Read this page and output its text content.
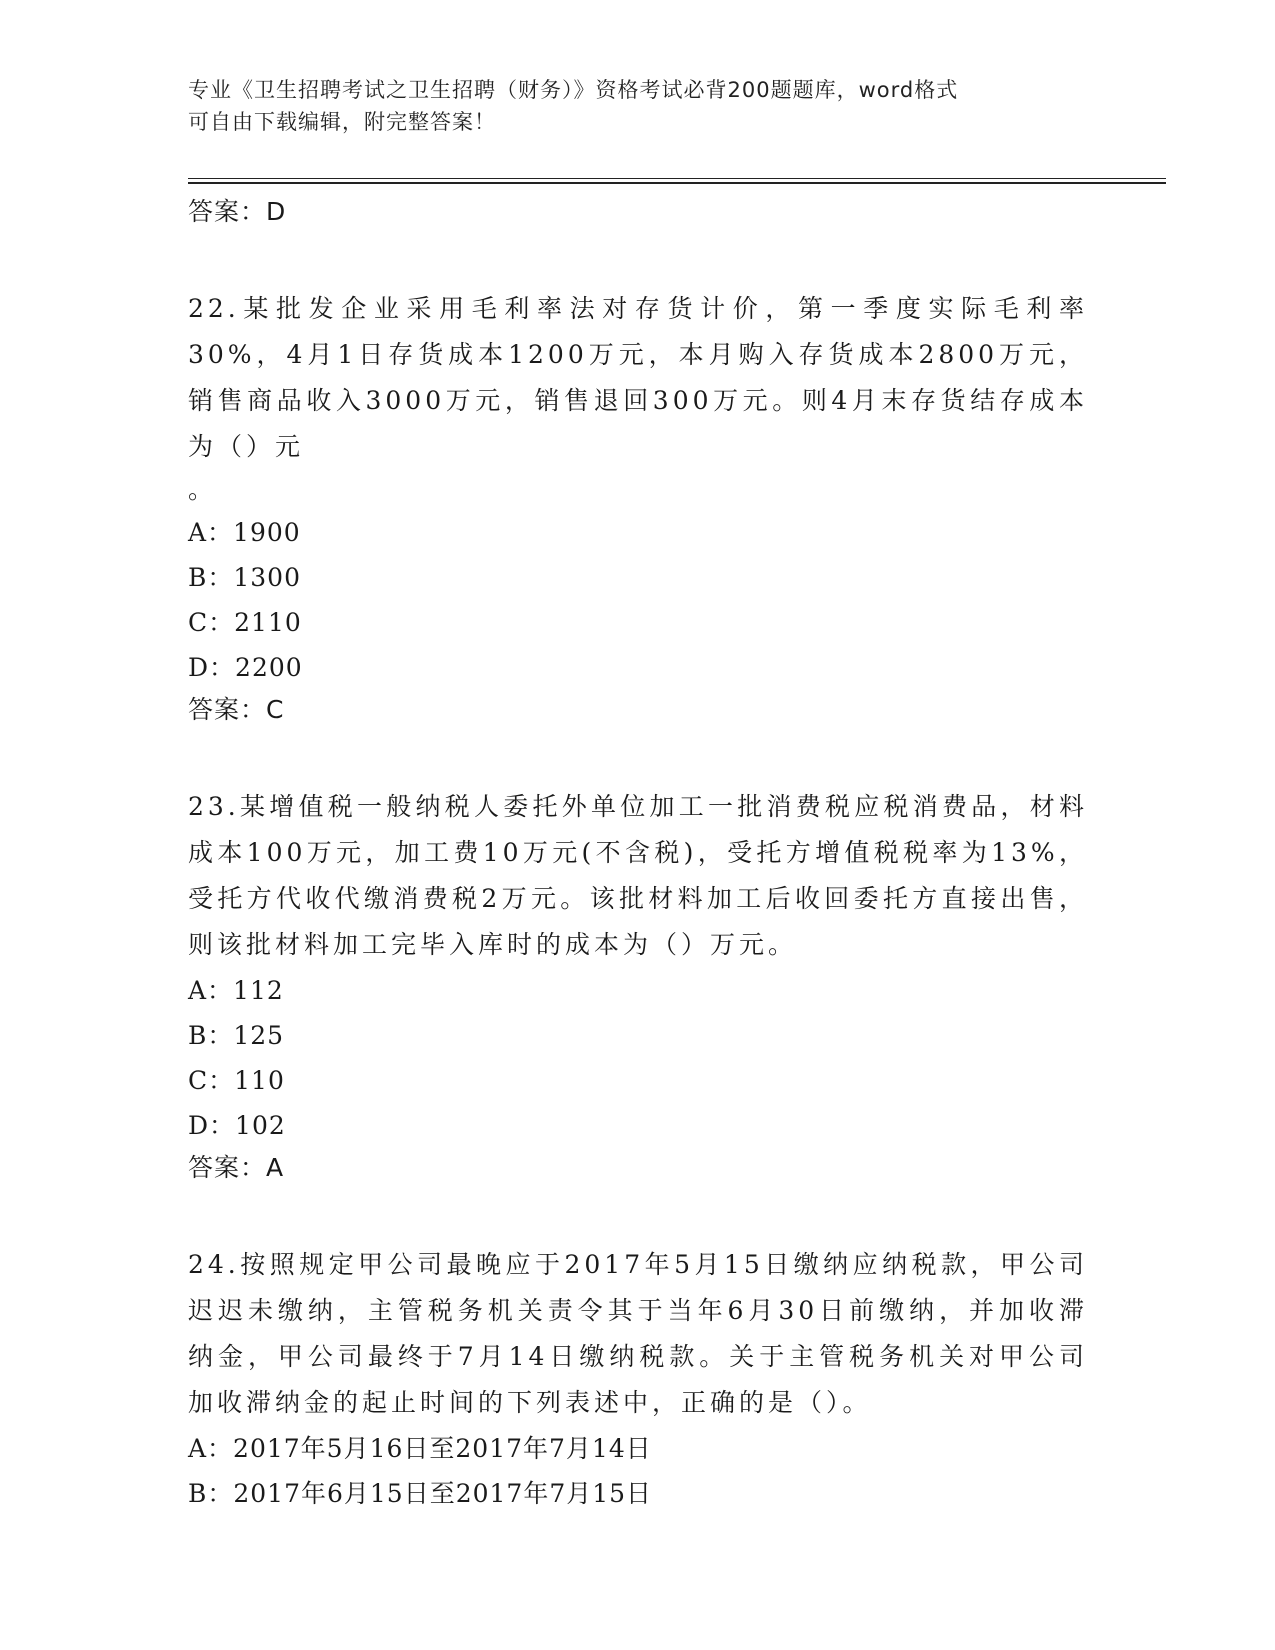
专业《卫生招聘考试之卫生招聘（财务）》资格考试必背200题题库，word格式
可自由下载编辑，附完整答案！
答案：D
22.某批发企业采用毛利率法对存货计价，第一季度实际毛利率30%，4月1日存货成本1200万元，本月购入存货成本2800万元，销售商品收入3000万元，销售退回300万元。则4月末存货结存成本为（）元
。
A：1900
B：1300
C：2110
D：2200
答案：C
23.某增值税一般纳税人委托外单位加工一批消费税应税消费品，材料成本100万元，加工费10万元(不含税)，受托方增值税税率为13%，受托方代收代缴消费税2万元。该批材料加工后收回委托方直接出售，则该批材料加工完毕入库时的成本为（）万元。
A：112
B：125
C：110
D：102
答案：A
24.按照规定甲公司最晚应于2017年5月15日缴纳应纳税款，甲公司迟迟未缴纳，主管税务机关责令其于当年6月30日前缴纳，并加收滞纳金，甲公司最终于7月14日缴纳税款。关于主管税务机关对甲公司加收滞纳金的起止时间的下列表述中，正确的是（）。
A：2017年5月16日至2017年7月14日
B：2017年6月15日至2017年7月15日
